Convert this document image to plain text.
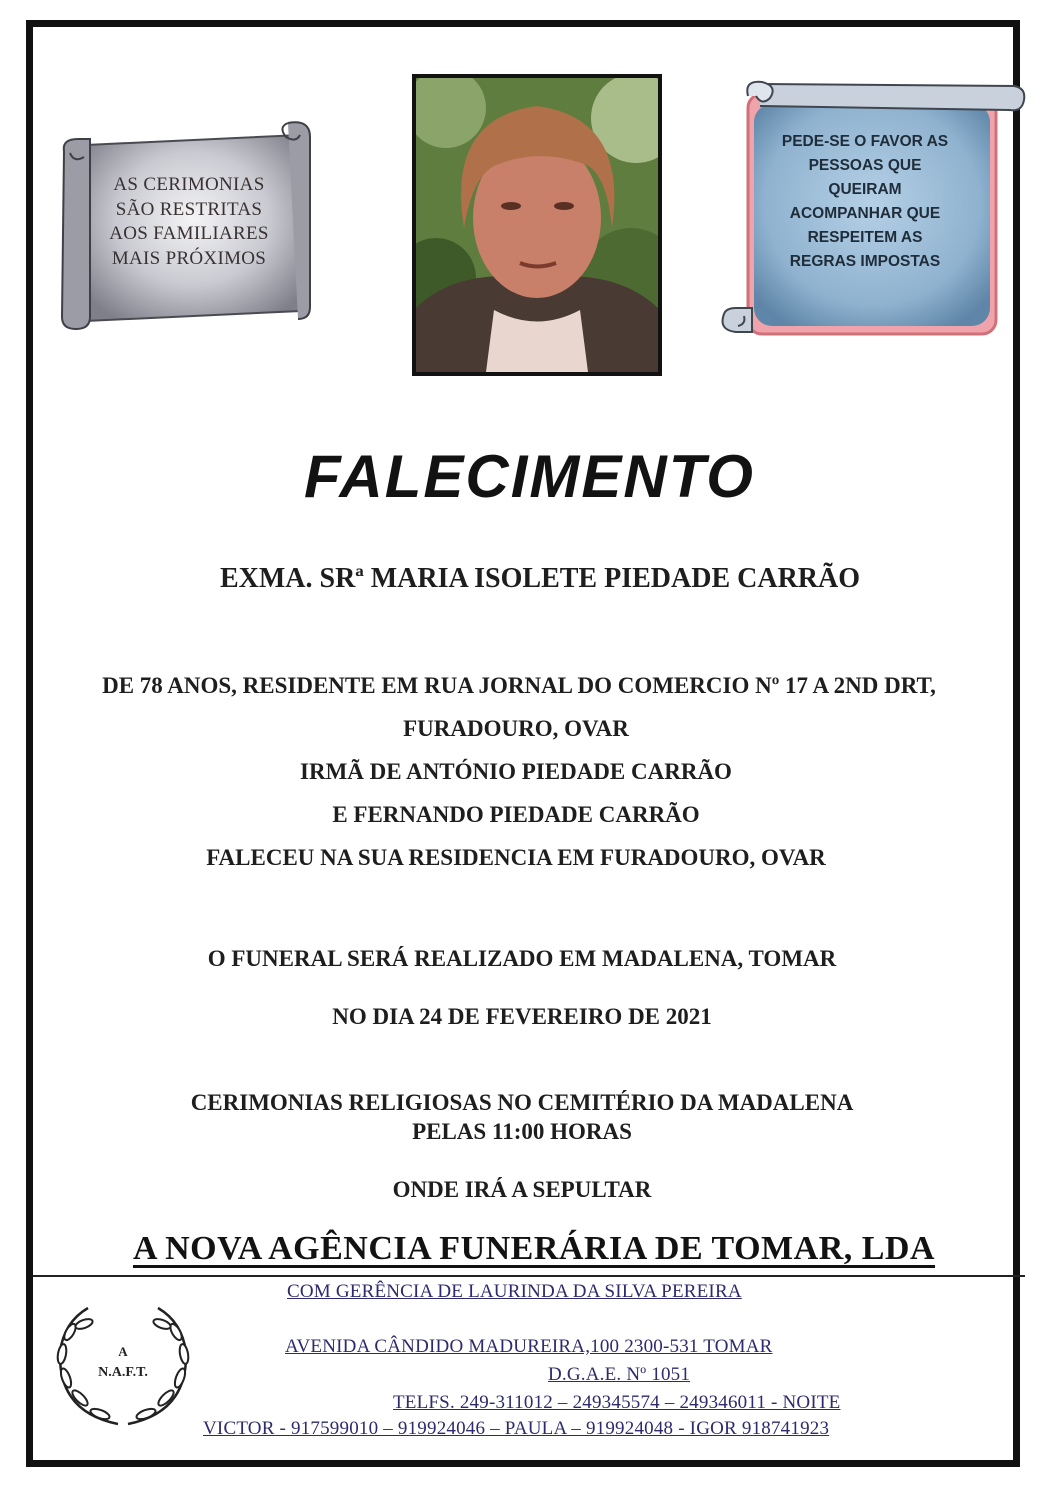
AS CERIMONIAS
SÃO RESTRITAS
AOS FAMILIARES
MAIS PRÓXIMOS
PEDE-SE O FAVOR AS
PESSOAS QUE
QUEIRAM
ACOMPANHAR QUE
RESPEITEM AS
REGRAS IMPOSTAS
FALECIMENTO
EXMA. SRª MARIA ISOLETE PIEDADE CARRÃO
DE 78 ANOS, RESIDENTE EM RUA JORNAL DO COMERCIO Nº 17 A 2ND DRT,
FURADOURO, OVAR
IRMÃ DE ANTÓNIO PIEDADE CARRÃO
E FERNANDO PIEDADE CARRÃO
FALECEU NA SUA RESIDENCIA EM FURADOURO, OVAR
O FUNERAL SERÁ REALIZADO EM MADALENA, TOMAR
NO DIA 24 DE FEVEREIRO DE 2021
CERIMONIAS RELIGIOSAS NO CEMITÉRIO DA MADALENA
PELAS 11:00 HORAS
ONDE IRÁ A SEPULTAR
A NOVA AGÊNCIA FUNERÁRIA DE TOMAR, LDA
A
N.A.F.T.
COM GERÊNCIA DE LAURINDA DA SILVA PEREIRA
AVENIDA CÂNDIDO MADUREIRA,100 2300-531 TOMAR
D.G.A.E. Nº 1051
TELFS. 249-311012 – 249345574 – 249346011 - NOITE
VICTOR - 917599010 – 919924046 – PAULA – 919924048 - IGOR 918741923
